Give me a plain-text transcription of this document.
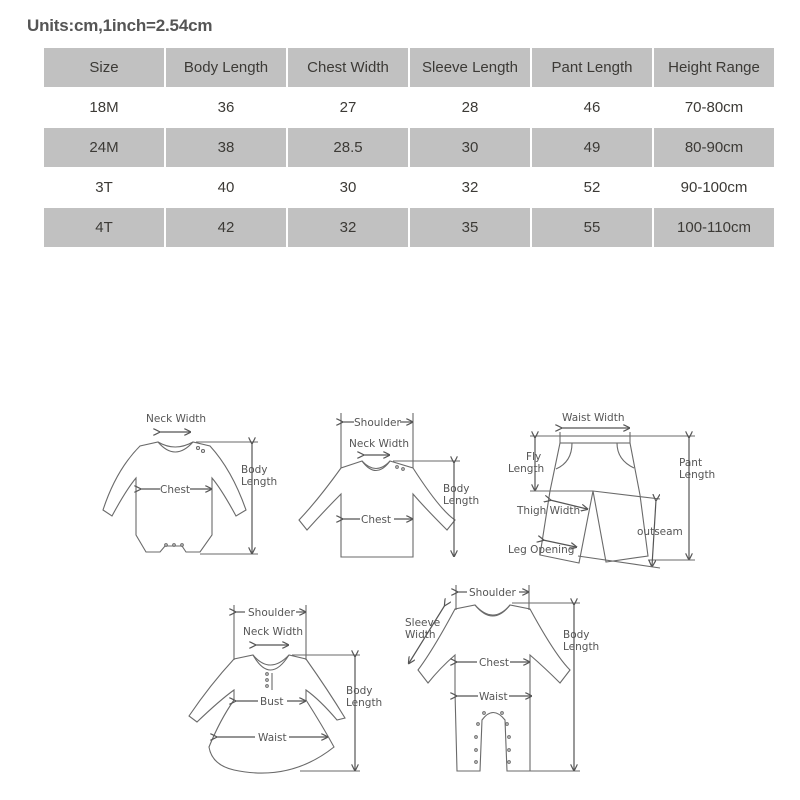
Units:cm,1inch=2.54cm
Size	Body Length	Chest Width	Sleeve Length	Pant Length	Height Range
18M	36	27	28	46	70-80cm
24M	38	28.5	30	49	80-90cm
3T	40	30	32	52	90-100cm
4T	42	32	35	55	100-110cm
Neck Width
Chest
Body
Length
Shoulder
Neck Width
Chest
Body
Length
Waist Width
Fly
Length	Pant
Length
Thigh Width
outseam
Leg Opening
Shoulder
Neck Width
Bust
Waist
Body
Length
Shoulder
Sleeve
Width
Chest
Waist
Body
Length
